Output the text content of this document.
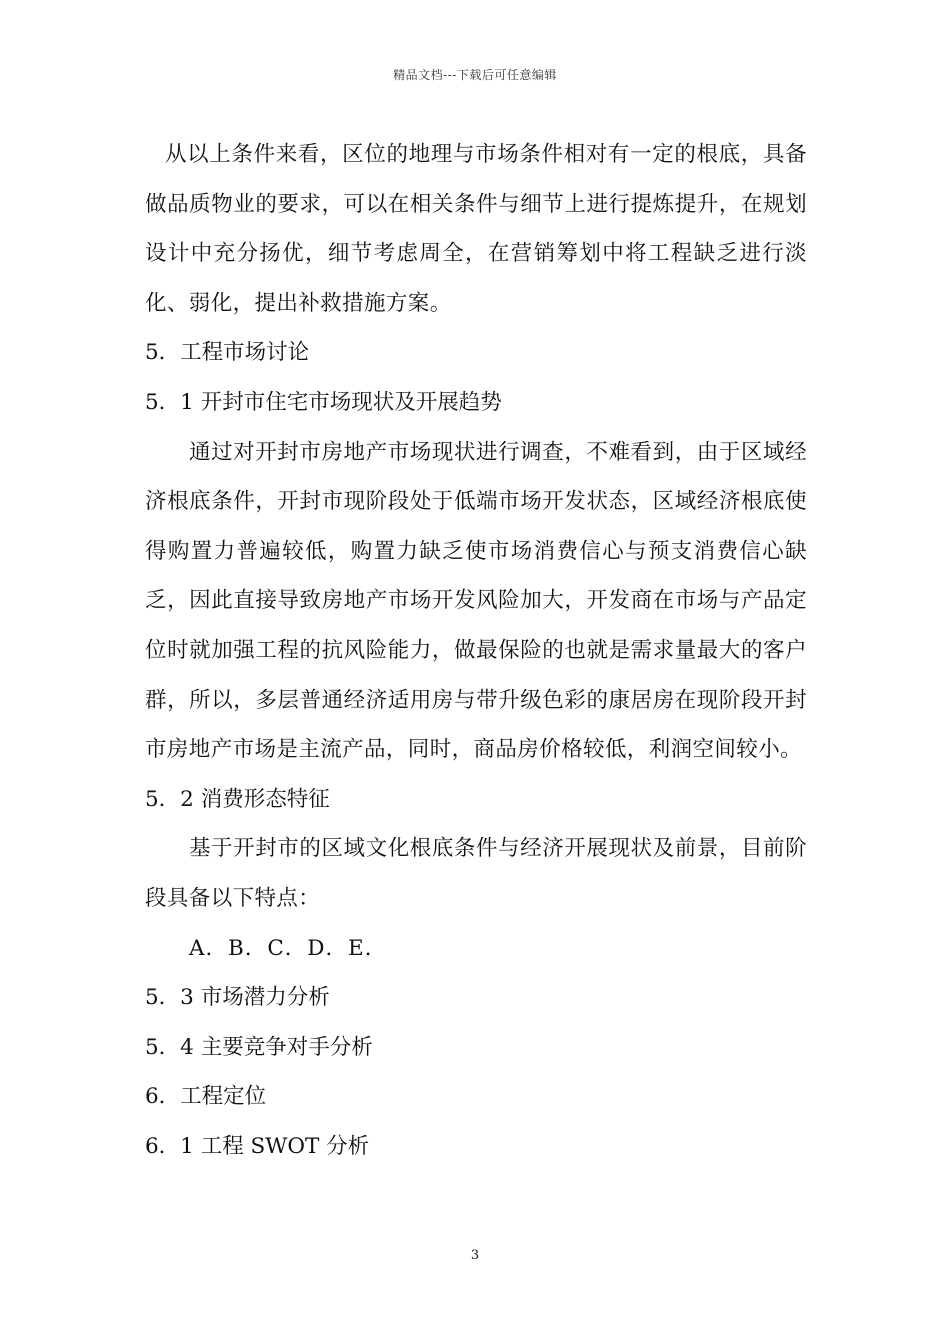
精品文档---下载后可任意编辑

从以上条件来看，区位的地理与市场条件相对有一定的根底，具备做品质物业的要求，可以在相关条件与细节上进行提炼提升，在规划设计中充分扬优，细节考虑周全，在营销筹划中将工程缺乏进行淡化、弱化，提出补救措施方案。

5．工程市场讨论

5．1 开封市住宅市场现状及开展趋势

通过对开封市房地产市场现状进行调查，不难看到，由于区域经济根底条件，开封市现阶段处于低端市场开发状态，区域经济根底使得购置力普遍较低，购置力缺乏使市场消费信心与预支消费信心缺乏，因此直接导致房地产市场开发风险加大，开发商在市场与产品定位时就加强工程的抗风险能力，做最保险的也就是需求量最大的客户群，所以，多层普通经济适用房与带升级色彩的康居房在现阶段开封市房地产市场是主流产品，同时，商品房价格较低，利润空间较小。

5．2 消费形态特征

基于开封市的区域文化根底条件与经济开展现状及前景，目前阶段具备以下特点：

A．B．C．D．E．

5．3 市场潜力分析

5．4 主要竞争对手分析

6．工程定位

6．1 工程 SWOT 分析

3
